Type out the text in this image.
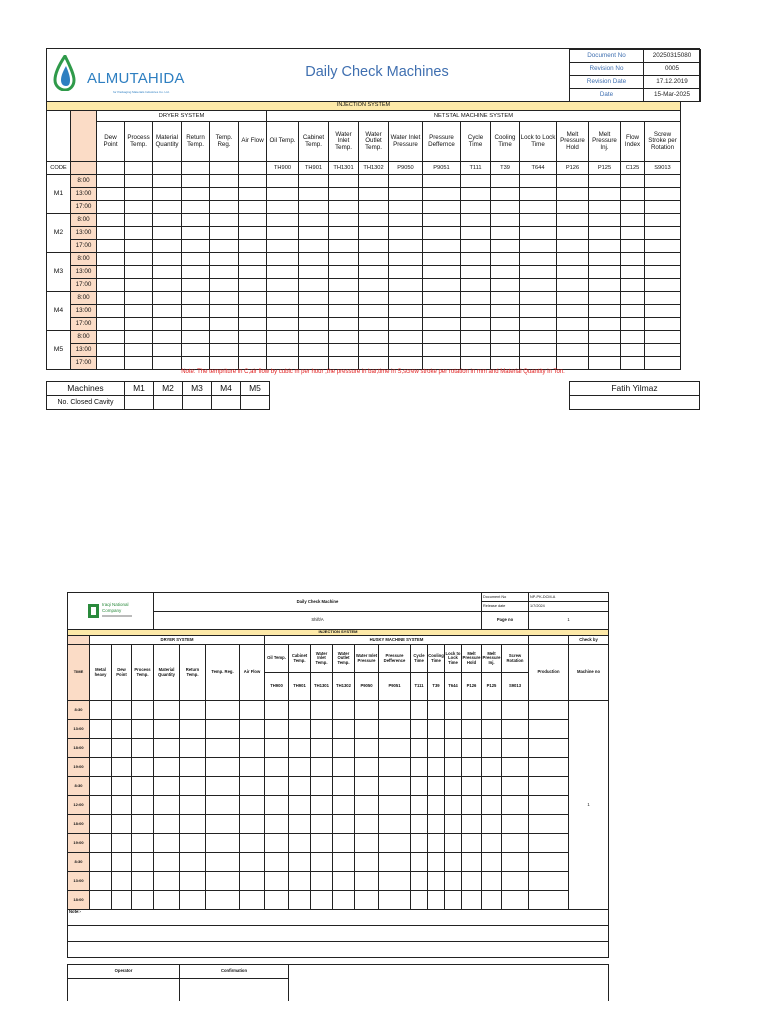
ALMUTAHIDA
for Packaging Materials Industries Co. Ltd.
Daily Check Machines
Document No	20250315080
Revision No	0005
Revision Date	17.12.2019
Date	15-Mar-2025
INJECTION SYSTEM																				
		DRYER SYSTEM						NETSTAL MACHINE SYSTEM												
		Dew Point	Process Temp.	Material Quantity	Return Temp.	Temp. Reg.	Air Flow	Oil Temp.	Cabinet Temp.	Water Inlet Temp.	Water Outlet Temp.	Water Inlet Pressure	Pressure Deffernce	Cycle Time	Cooling Time	Lock to Lock Time	Melt Pressure Hold	Melt Pressure Inj.	Flow Index	Screw Stroke per Rotation
CODE								TH900	TH901	TH1301	TH1302	P9050	P9051	T111	T39	T644	P126	P125	C125	S9013
M1	8:00																			
	13:00																			
	17:00																			
M2	8:00																			
	13:00																			
	17:00																			
M3	8:00																			
	13:00																			
	17:00																			
M4	8:00																			
	13:00																			
	17:00																			
M5	8:00																			
	13:00																			
	17:00																			
Note: The tempriture in C,air flow by cubic m per hour ,the pressure in bar,time in S,screw stroke per rotation in mm and Material Quantity in Ton.
Machines	M1	M2	M3	M4	M5
No. Closed Cavity					
Fatih Yilmaz

Iraqi National
Company				Daily Check Machine														Document No		NP-PK-DCM-A	
																		Release date		1/7/2024	
				Shift/A														Page no		1	
INJECTION SYSTEM																					
	DRYER SYSTEM							HUSKY MACHINE SYSTEM													Check by
TIME	Metal heavy	Dew Point	Process Temp.	Material Quantity	Return Temp.	Temp. Reg.	Air Flow	Oil Temp.	Cabinet Temp.	Water Inlet Temp.	Water Outlet Temp.	Water Inlet Pressure	Pressure Defference	Cycle Time	Cooling Time	Lock to Lock Time	Melt Pressure Hold	Melt Pressure Inj.	Screw Rotation	Production	Machine no
								TH900	TH901	TH1301	TH1302	P9050	P9051	T111	T39	T644	P126	P125	S9013		
8:30																					1
13:00																					
18:00																					
19:00																					
8:30																					
12:00																					
18:00																					
19:00																					
8:30																					
13:00																					
18:00																					
Note:-																					

Operator					Confirmation																
